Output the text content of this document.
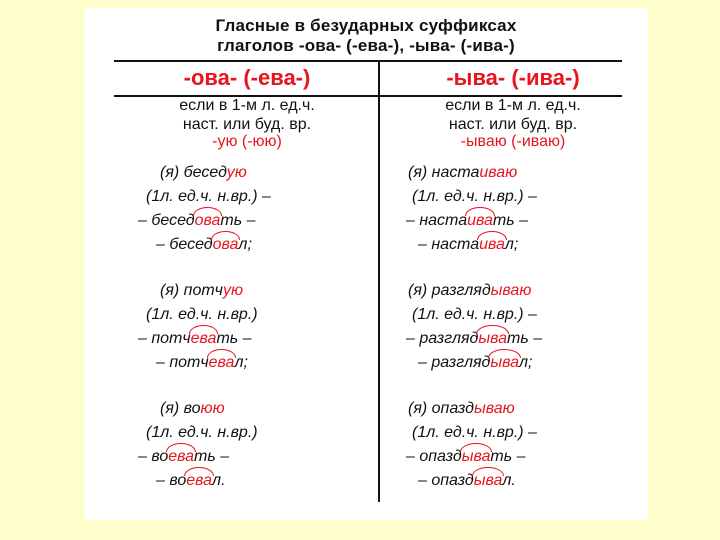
Гласные в безударных суффиксах
глаголов -ова- (-ева-), -ыва- (-ива-)
-ова- (-ева-)
если в 1-м л. ед.ч.
наст. или буд. вр.
-ую (-юю)
(я) беседую
(1л. ед.ч. н.вр.) –
– беседовать –
– беседовал;
(я) потчую
(1л. ед.ч. н.вр.)
– потчевать –
– потчевал;
(я) воюю
(1л. ед.ч. н.вр.)
– воевать –
– воевал.
-ыва- (-ива-)
если в 1-м л. ед.ч.
наст. или буд. вр.
-ываю (-иваю)
(я) настаиваю
(1л. ед.ч. н.вр.) –
– настаивать –
– настаивал;
(я) разглядываю
(1л. ед.ч. н.вр.) –
– разглядывать –
– разглядывал;
(я) опаздываю
(1л. ед.ч. н.вр.) –
– опаздывать –
– опаздывал.
